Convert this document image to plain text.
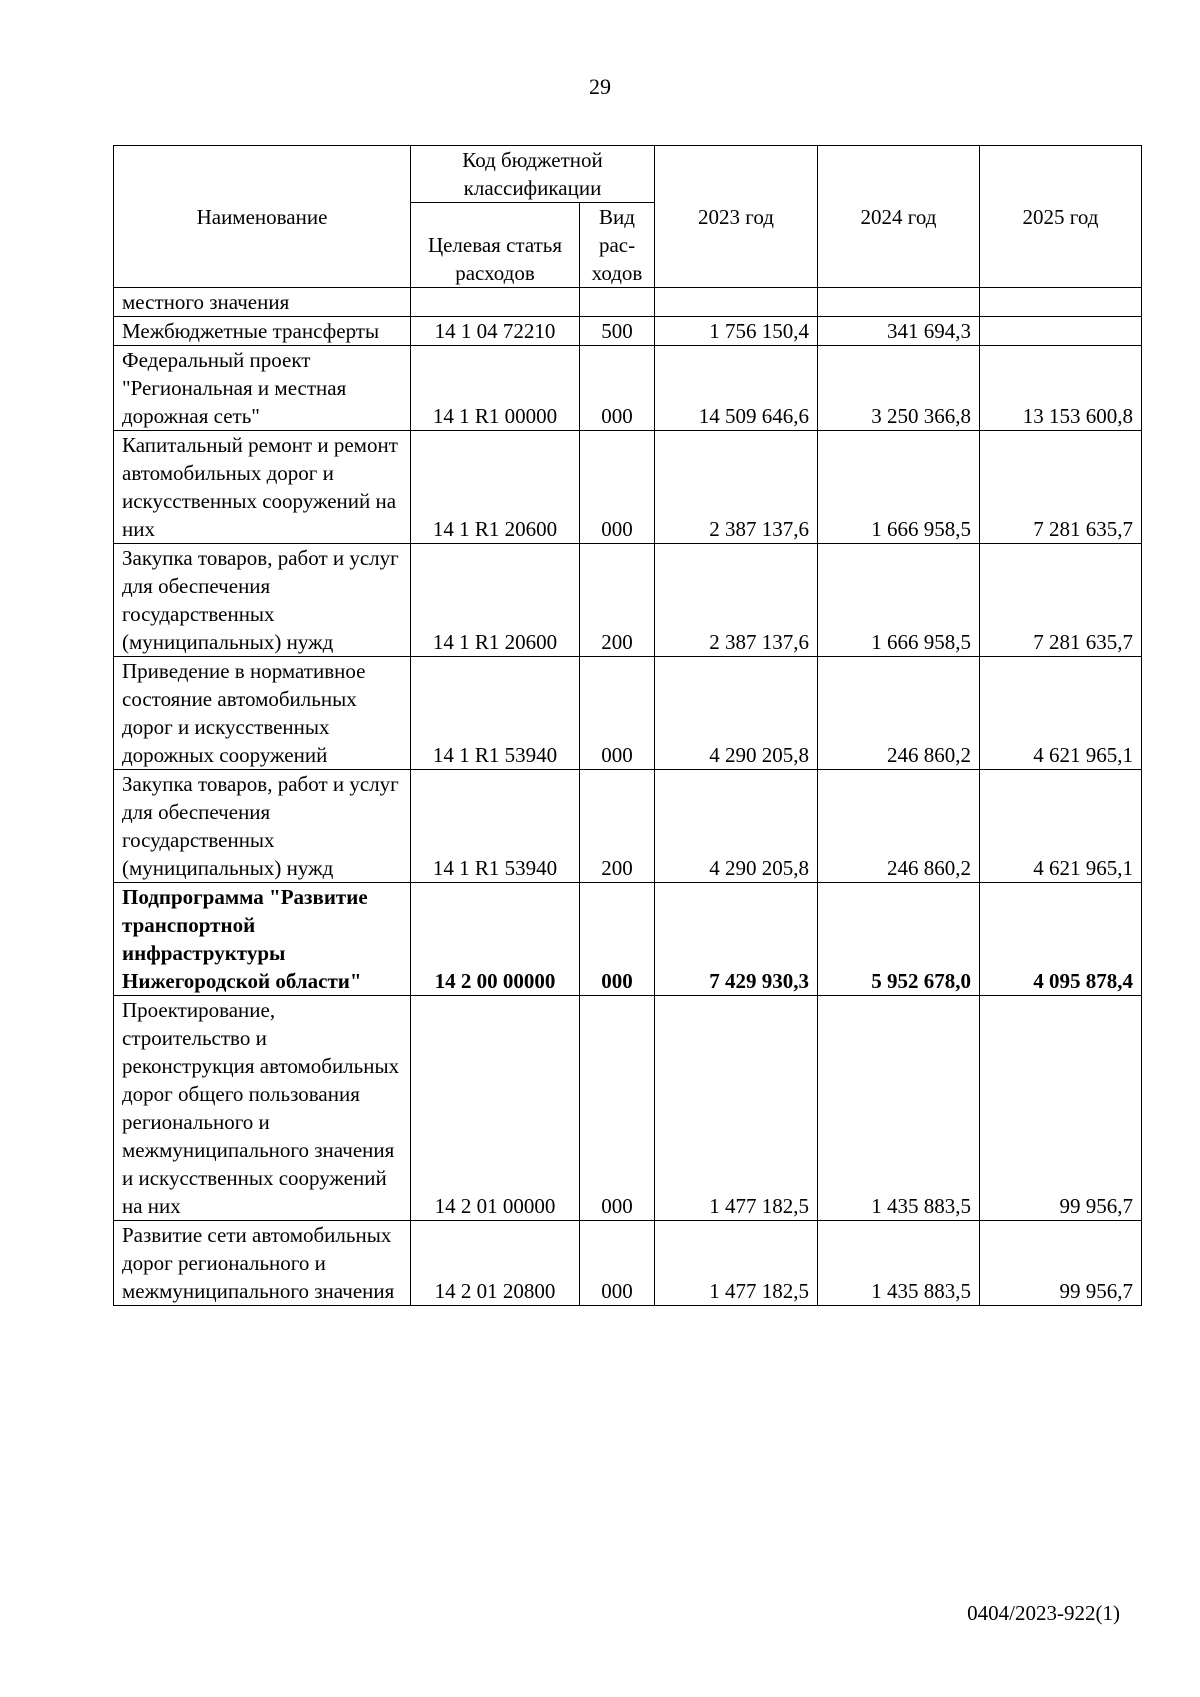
29
Наименование	Код бюджетной классификации		2023 год	2024 год	2025 год
	Целевая статья расходов	Вид рас- ходов			
местного значения					
Межбюджетные трансферты	14 1 04 72210	500	1 756 150,4	341 694,3	
Федеральный проект "Региональная и местная дорожная сеть"	14 1 R1 00000	000	14 509 646,6	3 250 366,8	13 153 600,8
Капитальный ремонт и ремонт автомобильных дорог и искусственных сооружений на них	14 1 R1 20600	000	2 387 137,6	1 666 958,5	7 281 635,7
Закупка товаров, работ и услуг для обеспечения государственных (муниципальных) нужд	14 1 R1 20600	200	2 387 137,6	1 666 958,5	7 281 635,7
Приведение в нормативное состояние автомобильных дорог и искусственных дорожных сооружений	14 1 R1 53940	000	4 290 205,8	246 860,2	4 621 965,1
Закупка товаров, работ и услуг для обеспечения государственных (муниципальных) нужд	14 1 R1 53940	200	4 290 205,8	246 860,2	4 621 965,1
Подпрограмма "Развитие транспортной инфраструктуры Нижегородской области"	14 2 00 00000	000	7 429 930,3	5 952 678,0	4 095 878,4
Проектирование, строительство и реконструкция автомобильных дорог общего пользования регионального и межмуниципального значения и искусственных сооружений на них	14 2 01 00000	000	1 477 182,5	1 435 883,5	99 956,7
Развитие сети автомобильных дорог регионального и межмуниципального значения	14 2 01 20800	000	1 477 182,5	1 435 883,5	99 956,7
0404/2023-922(1)
